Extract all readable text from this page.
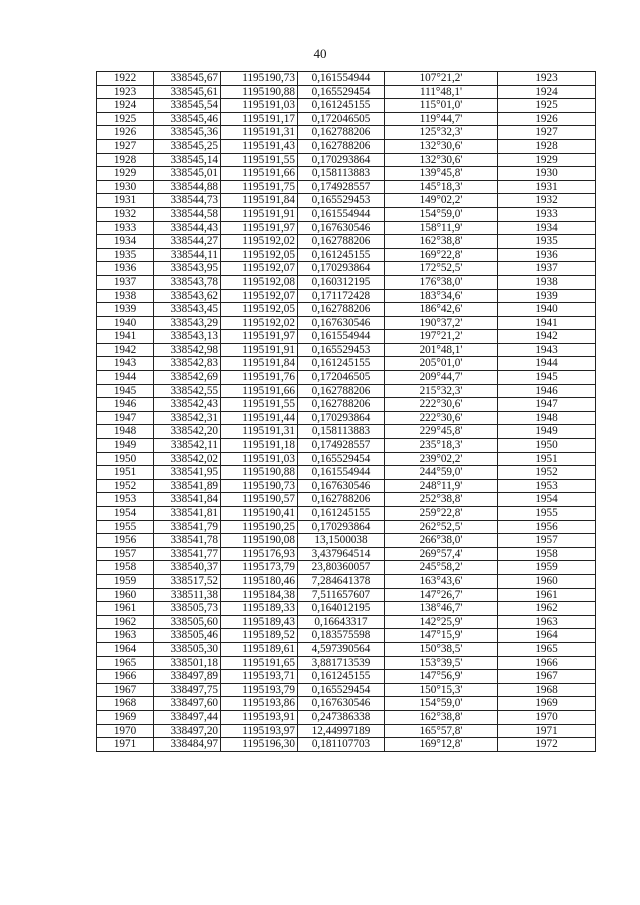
40
1922	338545,67	1195190,73	0,161554944	107°21,2'	1923
1923	338545,61	1195190,88	0,165529454	111°48,1'	1924
1924	338545,54	1195191,03	0,161245155	115°01,0'	1925
1925	338545,46	1195191,17	0,172046505	119°44,7'	1926
1926	338545,36	1195191,31	0,162788206	125°32,3'	1927
1927	338545,25	1195191,43	0,162788206	132°30,6'	1928
1928	338545,14	1195191,55	0,170293864	132°30,6'	1929
1929	338545,01	1195191,66	0,158113883	139°45,8'	1930
1930	338544,88	1195191,75	0,174928557	145°18,3'	1931
1931	338544,73	1195191,84	0,165529453	149°02,2'	1932
1932	338544,58	1195191,91	0,161554944	154°59,0'	1933
1933	338544,43	1195191,97	0,167630546	158°11,9'	1934
1934	338544,27	1195192,02	0,162788206	162°38,8'	1935
1935	338544,11	1195192,05	0,161245155	169°22,8'	1936
1936	338543,95	1195192,07	0,170293864	172°52,5'	1937
1937	338543,78	1195192,08	0,160312195	176°38,0'	1938
1938	338543,62	1195192,07	0,171172428	183°34,6'	1939
1939	338543,45	1195192,05	0,162788206	186°42,6'	1940
1940	338543,29	1195192,02	0,167630546	190°37,2'	1941
1941	338543,13	1195191,97	0,161554944	197°21,2'	1942
1942	338542,98	1195191,91	0,165529453	201°48,1'	1943
1943	338542,83	1195191,84	0,161245155	205°01,0'	1944
1944	338542,69	1195191,76	0,172046505	209°44,7'	1945
1945	338542,55	1195191,66	0,162788206	215°32,3'	1946
1946	338542,43	1195191,55	0,162788206	222°30,6'	1947
1947	338542,31	1195191,44	0,170293864	222°30,6'	1948
1948	338542,20	1195191,31	0,158113883	229°45,8'	1949
1949	338542,11	1195191,18	0,174928557	235°18,3'	1950
1950	338542,02	1195191,03	0,165529454	239°02,2'	1951
1951	338541,95	1195190,88	0,161554944	244°59,0'	1952
1952	338541,89	1195190,73	0,167630546	248°11,9'	1953
1953	338541,84	1195190,57	0,162788206	252°38,8'	1954
1954	338541,81	1195190,41	0,161245155	259°22,8'	1955
1955	338541,79	1195190,25	0,170293864	262°52,5'	1956
1956	338541,78	1195190,08	13,1500038	266°38,0'	1957
1957	338541,77	1195176,93	3,437964514	269°57,4'	1958
1958	338540,37	1195173,79	23,80360057	245°58,2'	1959
1959	338517,52	1195180,46	7,284641378	163°43,6'	1960
1960	338511,38	1195184,38	7,511657607	147°26,7'	1961
1961	338505,73	1195189,33	0,164012195	138°46,7'	1962
1962	338505,60	1195189,43	0,16643317	142°25,9'	1963
1963	338505,46	1195189,52	0,183575598	147°15,9'	1964
1964	338505,30	1195189,61	4,597390564	150°38,5'	1965
1965	338501,18	1195191,65	3,881713539	153°39,5'	1966
1966	338497,89	1195193,71	0,161245155	147°56,9'	1967
1967	338497,75	1195193,79	0,165529454	150°15,3'	1968
1968	338497,60	1195193,86	0,167630546	154°59,0'	1969
1969	338497,44	1195193,91	0,247386338	162°38,8'	1970
1970	338497,20	1195193,97	12,44997189	165°57,8'	1971
1971	338484,97	1195196,30	0,181107703	169°12,8'	1972
